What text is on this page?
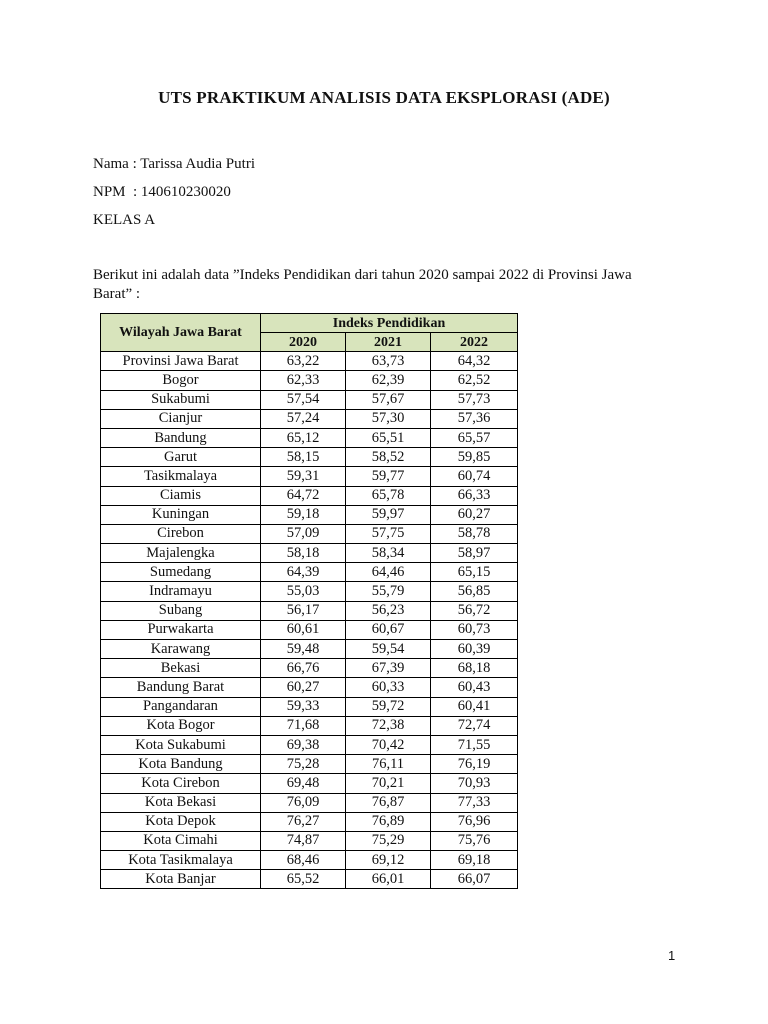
UTS PRAKTIKUM ANALISIS DATA EKSPLORASI (ADE)
Nama : Tarissa Audia Putri
NPM  : 140610230020
KELAS A
Berikut ini adalah data ”Indeks Pendidikan dari tahun 2020 sampai 2022 di Provinsi Jawa Barat” :
Wilayah Jawa Barat	Indeks Pendidikan		
	2020	2021	2022
Provinsi Jawa Barat	63,22	63,73	64,32
Bogor	62,33	62,39	62,52
Sukabumi	57,54	57,67	57,73
Cianjur	57,24	57,30	57,36
Bandung	65,12	65,51	65,57
Garut	58,15	58,52	59,85
Tasikmalaya	59,31	59,77	60,74
Ciamis	64,72	65,78	66,33
Kuningan	59,18	59,97	60,27
Cirebon	57,09	57,75	58,78
Majalengka	58,18	58,34	58,97
Sumedang	64,39	64,46	65,15
Indramayu	55,03	55,79	56,85
Subang	56,17	56,23	56,72
Purwakarta	60,61	60,67	60,73
Karawang	59,48	59,54	60,39
Bekasi	66,76	67,39	68,18
Bandung Barat	60,27	60,33	60,43
Pangandaran	59,33	59,72	60,41
Kota Bogor	71,68	72,38	72,74
Kota Sukabumi	69,38	70,42	71,55
Kota Bandung	75,28	76,11	76,19
Kota Cirebon	69,48	70,21	70,93
Kota Bekasi	76,09	76,87	77,33
Kota Depok	76,27	76,89	76,96
Kota Cimahi	74,87	75,29	75,76
Kota Tasikmalaya	68,46	69,12	69,18
Kota Banjar	65,52	66,01	66,07
1
